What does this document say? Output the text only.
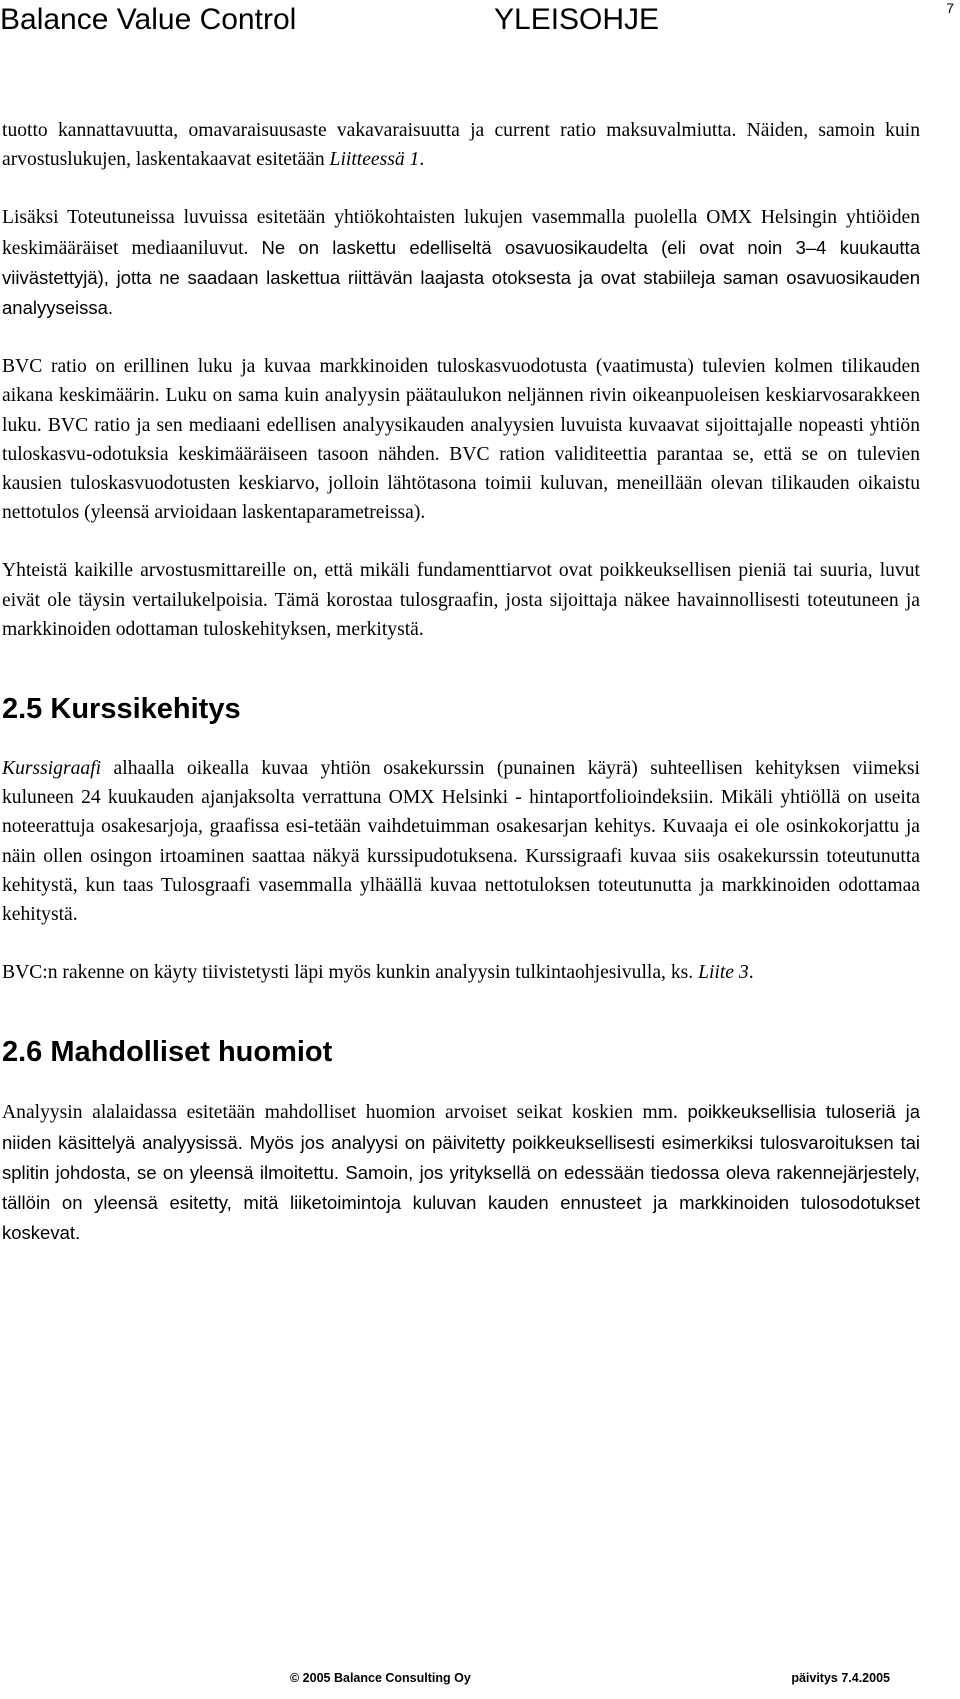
Balance Value Control	YLEISOHJE	7

tuotto kannattavuutta, omavaraisuusaste vakavaraisuutta ja current ratio maksuvalmiutta. Näiden, samoin kuin arvostuslukujen, laskentakaavat esitetään Liitteessä 1.

Lisäksi Toteutuneissa luvuissa esitetään yhtiökohtaisten lukujen vasemmalla puolella OMX Helsingin yhtiöiden keskimääräiset mediaaniluvut. Ne on laskettu edelliseltä osavuosikaudelta (eli ovat noin 3–4 kuukautta viivästettyjä), jotta ne saadaan laskettua riittävän laajasta otoksesta ja ovat stabiileja saman osavuosikauden analyyseissa.

BVC ratio on erillinen luku ja kuvaa markkinoiden tuloskasvuodotusta (vaatimusta) tulevien kolmen tilikauden aikana keskimäärin. Luku on sama kuin analyysin päätaulukon neljännen rivin oikeanpuoleisen keskiarvosarakkeen luku. BVC ratio ja sen mediaani edellisen analyysikauden analyysien luvuista kuvaavat sijoittajalle nopeasti yhtiön tuloskasvu-odotuksia keskimääräiseen tasoon nähden. BVC ration validiteettia parantaa se, että se on tulevien kausien tuloskasvuodotusten keskiarvo, jolloin lähtötasona toimii kuluvan, meneillään olevan tilikauden oikaistu nettotulos (yleensä arvioidaan laskentaparametreissa).

Yhteistä kaikille arvostusmittareille on, että mikäli fundamenttiarvot ovat poikkeuksellisen pieniä tai suuria, luvut eivät ole täysin vertailukelpoisia. Tämä korostaa tulosgraafin, josta sijoittaja näkee havainnollisesti toteutuneen ja markkinoiden odottaman tuloskehityksen, merkitystä.

2.5 Kurssikehitys

Kurssigraafi alhaalla oikealla kuvaa yhtiön osakekurssin (punainen käyrä) suhteellisen kehityksen viimeksi kuluneen 24 kuukauden ajanjaksolta verrattuna OMX Helsinki - hintaportfolioindeksiin. Mikäli yhtiöllä on useita noteerattuja osakesarjoja, graafissa esi-tetään vaihdetuimman osakesarjan kehitys. Kuvaaja ei ole osinkokorjattu ja näin ollen osingon irtoaminen saattaa näkyä kurssipudotuksena. Kurssigraafi kuvaa siis osakekurssin toteutunutta kehitystä, kun taas Tulosgraafi vasemmalla ylhäällä kuvaa nettotuloksen toteutunutta ja markkinoiden odottamaa kehitystä.

BVC:n rakenne on käyty tiivistetysti läpi myös kunkin analyysin tulkintaohjesivulla, ks. Liite 3.

2.6 Mahdolliset huomiot

Analyysin alalaidassa esitetään mahdolliset huomion arvoiset seikat koskien mm. poikkeuksellisia tuloseriä ja niiden käsittelyä analyysissä. Myös jos analyysi on päivitetty poikkeuksellisesti esimerkiksi tulosvaroituksen tai splitin johdosta, se on yleensä ilmoitettu. Samoin, jos yrityksellä on edessään tiedossa oleva rakennejärjestely, tällöin on yleensä esitetty, mitä liiketoimintoja kuluvan kauden ennusteet ja markkinoiden tulosodotukset koskevat.

© 2005 Balance Consulting Oy	päivitys 7.4.2005
